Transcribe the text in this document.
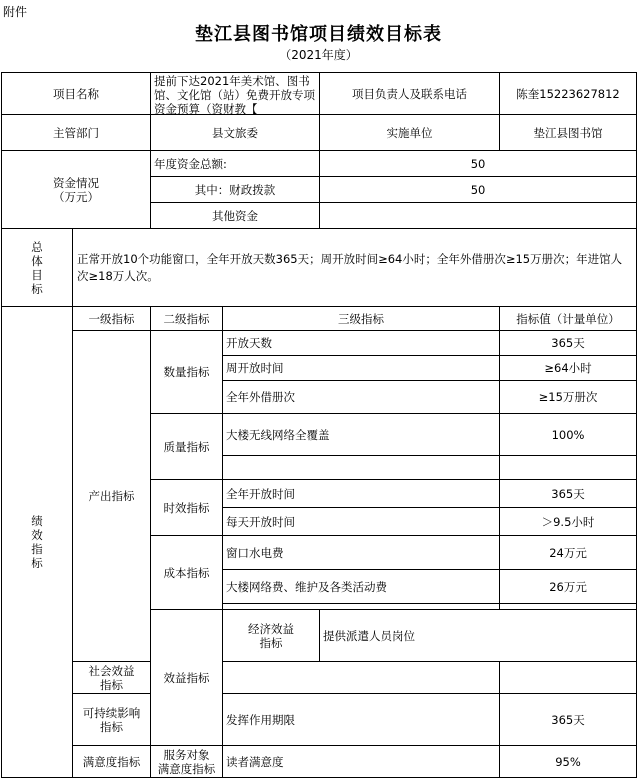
附件
垫江县图书馆项目绩效目标表
（2021年度）
项目名称		提前下达2021年美术馆、图书馆、文化馆（站）免费开放专项资金预算（资财教【		项目负责人及联系电话	陈奎15223627812	
主管部门		县文旅委		实施单位	垫江县图书馆	
资金情况
（万元）		年度资金总额:		50		
		其中：财政拨款		50		
		其他资金				
总
体
目
标	正常开放10个功能窗口，全年开放天数365天；周开放时间≥64小时；全年外借册次≥15万册次；年进馆人次≥18万人次。					
绩
效
指
标	一级指标	二级指标	三级指标		指标值（计量单位）	
	产出指标	数量指标	开放天数		365天	
			周开放时间		≥64小时	
			全年外借册次		≥15万册次	
		质量指标	大楼无线网络全覆盖		100%	

		时效指标	全年开放时间		365天	
			每天开放时间		＞9.5小时	
		成本指标	窗口水电费		24万元	
			大楼网络费、维护及各类活动费		26万元	

		效益指标	经济效益
指标	提供派遣人员岗位	
	社会效益
指标					
	可持续影响
指标		发挥作用期限		365天	
	满意度指标	服务对象
满意度指标	读者满意度		95%	
